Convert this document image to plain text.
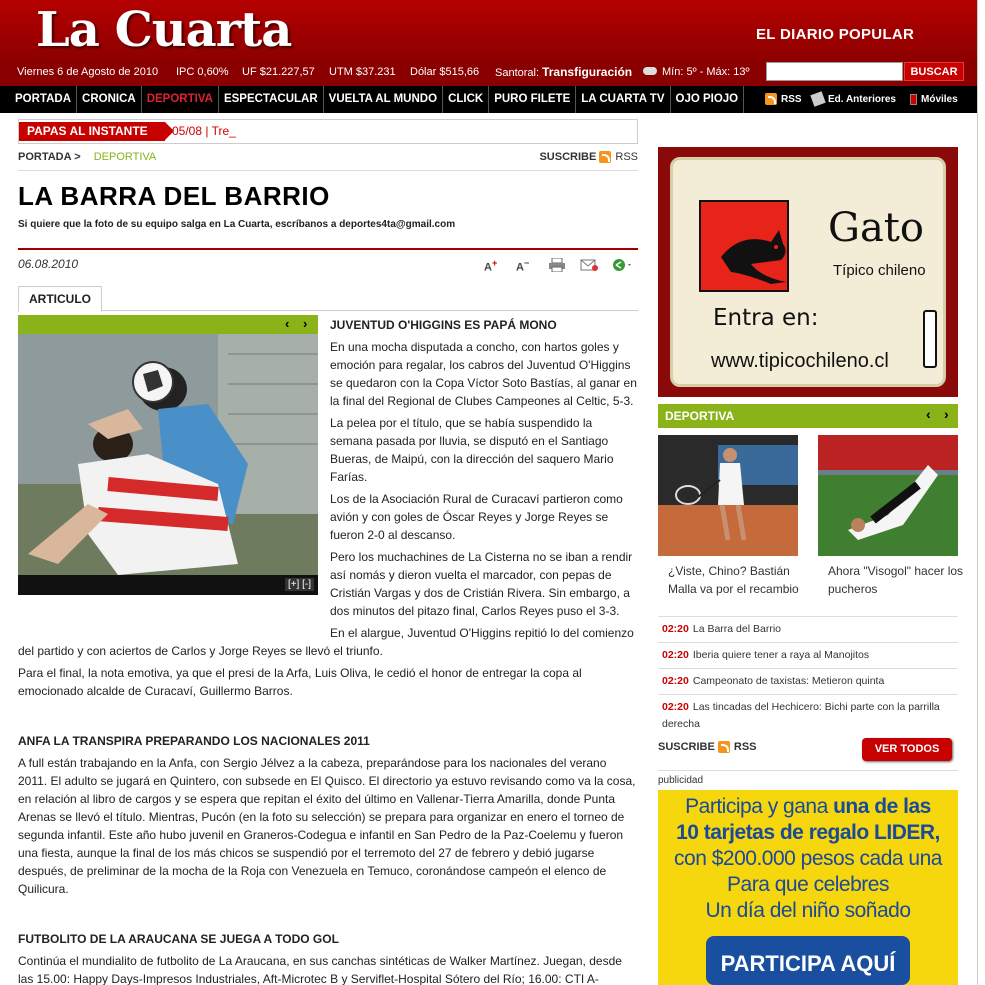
La Cuarta	EL DIARIO POPULAR
Viernes 6 de Agosto de 2010 IPC 0,60% UF $21.227,57 UTM $37.231 Dólar $515,66 Santoral: Transfiguración	Mín: 5º - Máx: 13º	BUSCAR
PORTADA CRONICA DEPORTIVA ESPECTACULAR VUELTA AL MUNDO CLICK PURO FILETE LA CUARTA TV OJO PIOJO	RSS	Ed. Anteriores	Móviles
PAPAS AL INSTANTE	05/08 | Tre_
PORTADA > DEPORTIVA	SUSCRIBE RSS
LA BARRA DEL BARRIO
Si quiere que la foto de su equipo salga en La Cuarta, escríbanos a deportes4ta@gmail.com
06.08.2010	A+	A−
ARTICULO
‹ ›
[+] [-]
JUVENTUD O'HIGGINS ES PAPÁ MONO

En una mocha disputada a concho, con hartos goles y emoción para regalar, los cabros del Juventud O'Higgins se quedaron con la Copa Víctor Soto Bastías, al ganar en la final del Regional de Clubes Campeones al Celtic, 5-3.

La pelea por el título, que se había suspendido la semana pasada por lluvia, se disputó en el Santiago Bueras, de Maipú, con la dirección del saquero Mario Farías.

Los de la Asociación Rural de Curacaví partieron como avión y con goles de Óscar Reyes y Jorge Reyes se fueron 2-0 al descanso.

Pero los muchachines de La Cisterna no se iban a rendir así nomás y dieron vuelta el marcador, con pepas de Cristián Vargas y dos de Cristián Rivera. Sin embargo, a dos minutos del pitazo final, Carlos Reyes puso el 3-3.

En el alargue, Juventud O'Higgins repitió lo del comienzo del partido y con aciertos de Carlos y Jorge Reyes se llevó el triunfo.

Para el final, la nota emotiva, ya que el presi de la Arfa, Luis Oliva, le cedió el honor de entregar la copa al emocionado alcalde de Curacaví, Guillermo Barros.

ANFA LA TRANSPIRA PREPARANDO LOS NACIONALES 2011

A full están trabajando en la Anfa, con Sergio Jélvez a la cabeza, preparándose para los nacionales del verano 2011. El adulto se jugará en Quintero, con subsede en El Quisco. El directorio ya estuvo revisando como va la cosa, en relación al libro de cargos y se espera que repitan el éxito del último en Vallenar-Tierra Amarilla, donde Punta Arenas se llevó el título. Mientras, Pucón (en la foto su selección) se prepara para organizar en enero el torneo de segunda infantil. Este año hubo juvenil en Graneros-Codegua e infantil en San Pedro de la Paz-Coelemu y fueron una fiesta, aunque la final de los más chicos se suspendió por el terremoto del 27 de febrero y debió jugarse después, de preliminar de la mocha de la Roja con Venezuela en Temuco, coronándose campeón el elenco de Quilicura.

FUTBOLITO DE LA ARAUCANA SE JUEGA A TODO GOL

Continúa el mundialito de futbolito de La Araucana, en sus canchas sintéticas de Walker Martínez. Juegan, desde las 15.00: Happy Days-Impresos Industriales, Aft-Microtec B y Serviflet-Hospital Sótero del Río; 16.00: CTI A-

Gato
Típico chileno
Entra en:
www.tipicochileno.cl
DEPORTIVA	‹ ›
¿Viste, Chino? Bastián Malla va por el recambio
Ahora "Visogol" hacer los pucheros
02:20 La Barra del Barrio
02:20 Iberia quiere tener a raya al Manojitos
02:20 Campeonato de taxistas: Metieron quinta
02:20 Las tincadas del Hechicero: Bichi parte con la parrilla derecha
SUSCRIBE RSS	VER TODOS
publicidad
Participa y gana una de las
10 tarjetas de regalo LIDER,
con $200.000 pesos cada una
Para que celebres
Un día del niño soñado
PARTICIPA AQUÍ
